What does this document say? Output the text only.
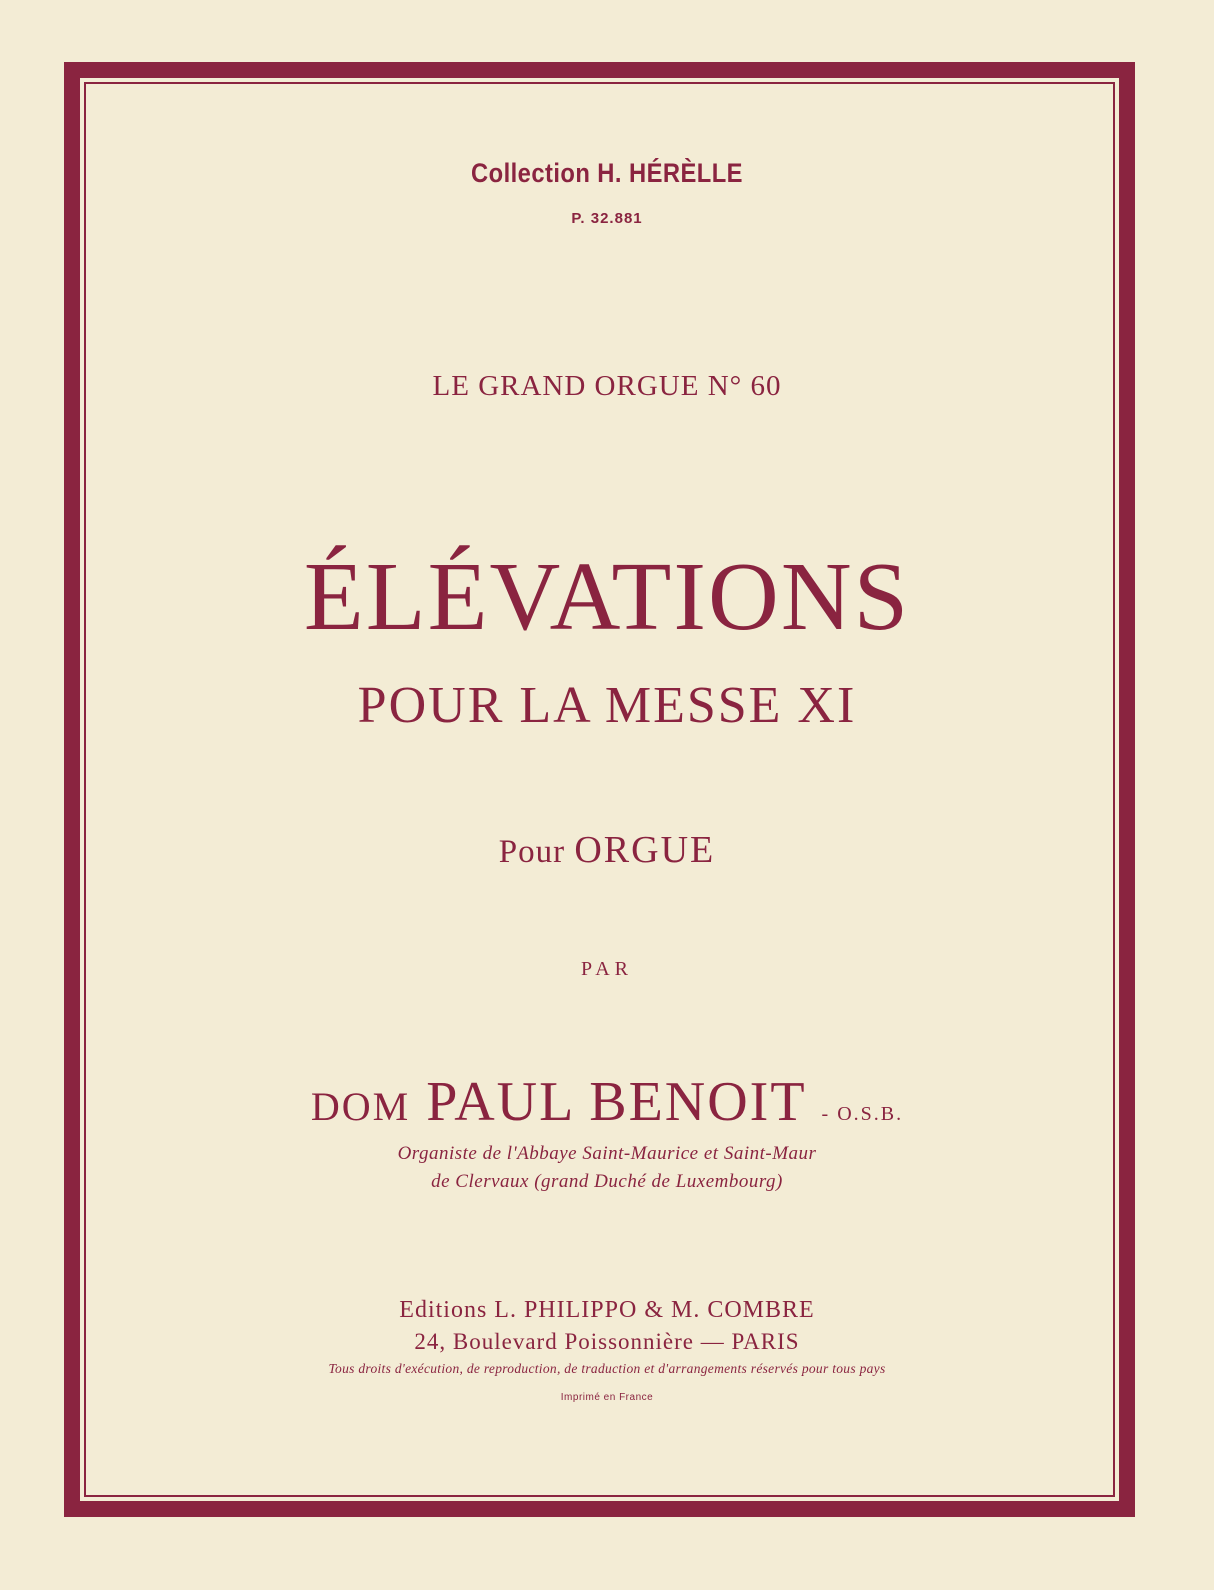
Collection H. HÉRÈLLE
P. 32.881
LE GRAND ORGUE N° 60
ÉLÉVATIONS
POUR LA MESSE XI
Pour ORGUE
PAR
DOM PAUL BENOIT - O.S.B.
Organiste de l'Abbaye Saint-Maurice et Saint-Maur
de Clervaux (grand Duché de Luxembourg)
Editions L. PHILIPPO & M. COMBRE
24, Boulevard Poissonnière — PARIS
Tous droits d'exécution, de reproduction, de traduction et d'arrangements réservés pour tous pays
Imprimé en France
